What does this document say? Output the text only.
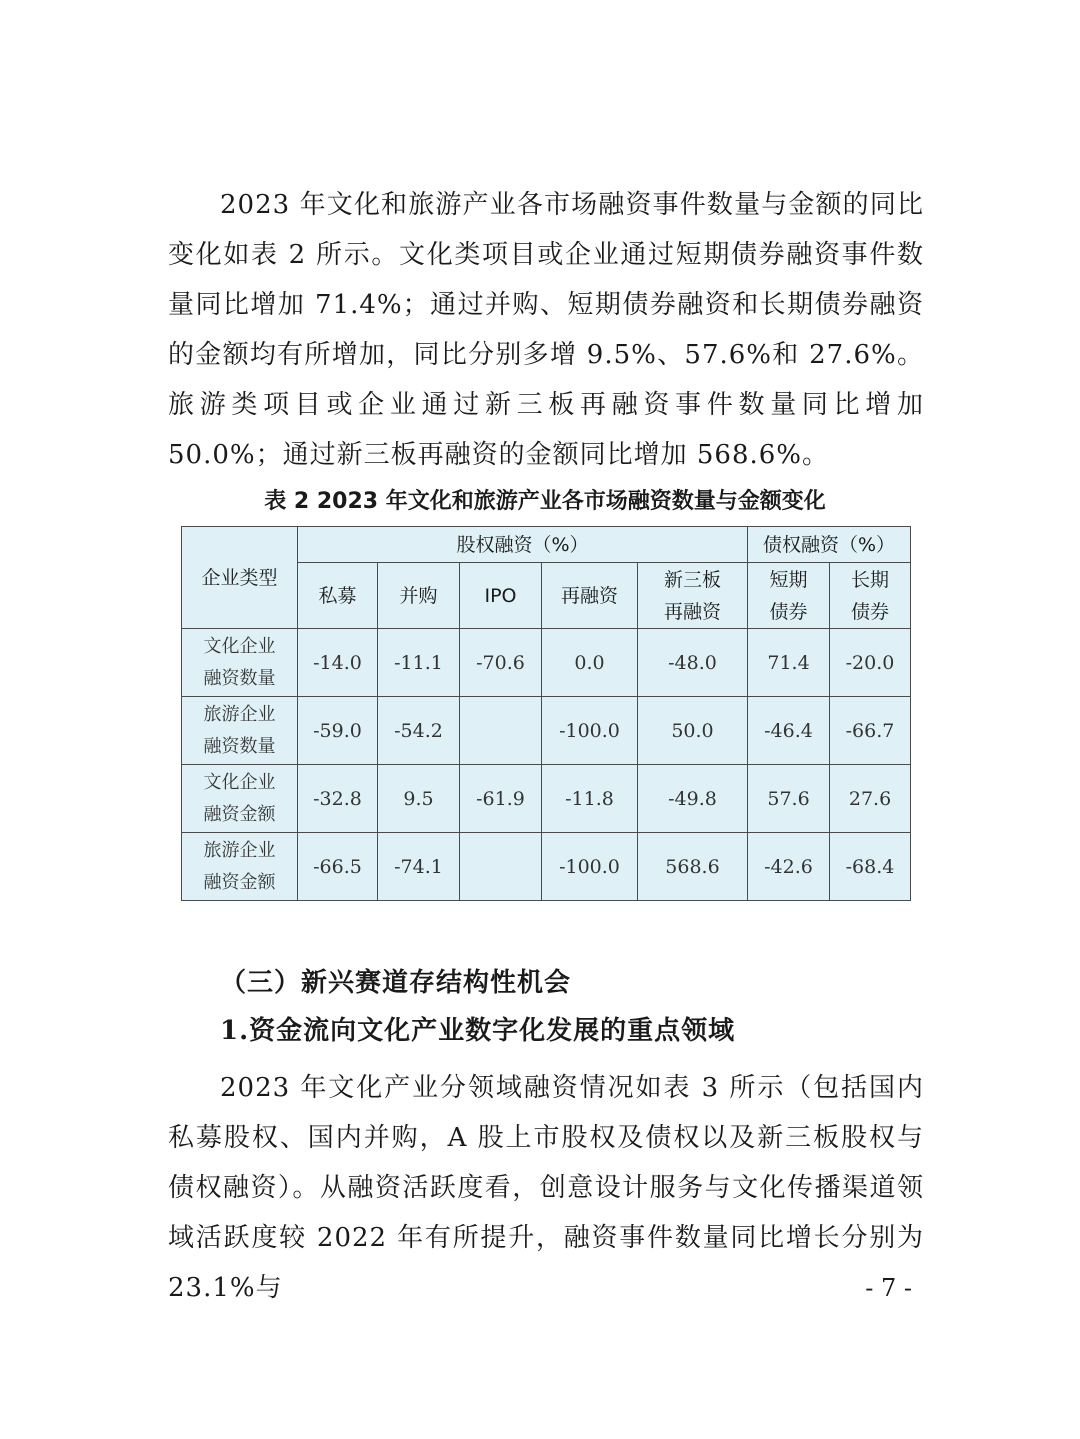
2023 年文化和旅游产业各市场融资事件数量与金额的同比变化如表 2 所示。文化类项目或企业通过短期债券融资事件数量同比增加 71.4%；通过并购、短期债券融资和长期债券融资的金额均有所增加，同比分别多增 9.5%、57.6%和 27.6%。旅游类项目或企业通过新三板再融资事件数量同比增加 50.0%；通过新三板再融资的金额同比增加 568.6%。

表 2 2023 年文化和旅游产业各市场融资数量与金额变化

企业类型	股权融资（%）					债权融资（%）	
	私募	并购	IPO	再融资	新三板再融资	短期债券	长期债券
文化企业融资数量	-14.0	-11.1	-70.6	0.0	-48.0	71.4	-20.0
旅游企业融资数量	-59.0	-54.2		-100.0	50.0	-46.4	-66.7
文化企业融资金额	-32.8	9.5	-61.9	-11.8	-49.8	57.6	27.6
旅游企业融资金额	-66.5	-74.1		-100.0	568.6	-42.6	-68.4
（三）新兴赛道存结构性机会
1.资金流向文化产业数字化发展的重点领域

2023 年文化产业分领域融资情况如表 3 所示（包括国内私募股权、国内并购，A 股上市股权及债权以及新三板股权与债权融资）。从融资活跃度看，创意设计服务与文化传播渠道领域活跃度较 2022 年有所提升，融资事件数量同比增长分别为 23.1%与	- 7 -
